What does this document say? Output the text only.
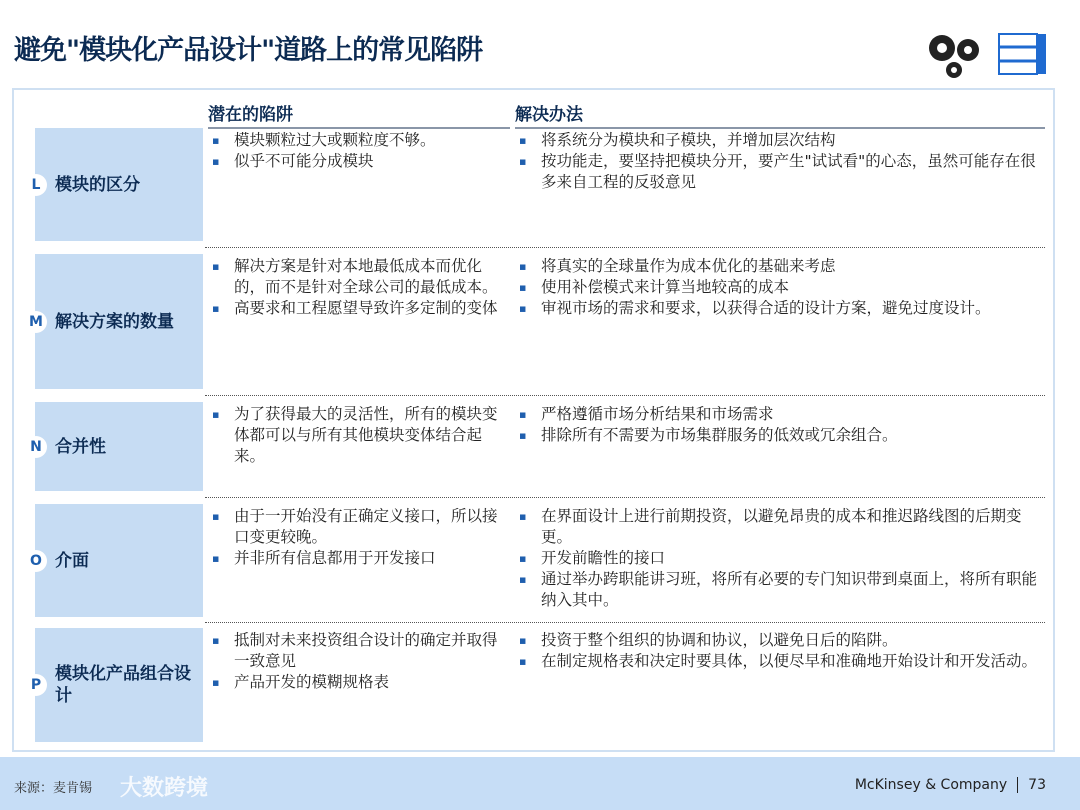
避免"模块化产品设计"道路上的常见陷阱
潜在的陷阱	解决办法
L 模块的区分
▪ 模块颗粒过大或颗粒度不够。
▪ 似乎不可能分成模块
▪ 将系统分为模块和子模块，并增加层次结构
▪ 按功能走，要坚持把模块分开，要产生"试试看"的心态，虽然可能存在很多来自工程的反驳意见
M 解决方案的数量
▪ 解决方案是针对本地最低成本而优化的，而不是针对全球公司的最低成本。
▪ 高要求和工程愿望导致许多定制的变体
▪ 将真实的全球量作为成本优化的基础来考虑
▪ 使用补偿模式来计算当地较高的成本
▪ 审视市场的需求和要求，以获得合适的设计方案，避免过度设计。
N 合并性
▪ 为了获得最大的灵活性，所有的模块变体都可以与所有其他模块变体结合起来。
▪ 严格遵循市场分析结果和市场需求
▪ 排除所有不需要为市场集群服务的低效或冗余组合。
O 介面
▪ 由于一开始没有正确定义接口，所以接口变更较晚。
▪ 并非所有信息都用于开发接口
▪ 在界面设计上进行前期投资，以避免昂贵的成本和推迟路线图的后期变更。
▪ 开发前瞻性的接口
▪ 通过举办跨职能讲习班，将所有必要的专门知识带到桌面上，将所有职能纳入其中。
P
模块化产品组合设计
▪ 抵制对未来投资组合设计的确定并取得一致意见
▪ 产品开发的模糊规格表
▪ 投资于整个组织的协调和协议，以避免日后的陷阱。
▪ 在制定规格表和决定时要具体，以便尽早和准确地开始设计和开发活动。
来源：麦肯锡 大数跨境	McKinsey & Company 73
